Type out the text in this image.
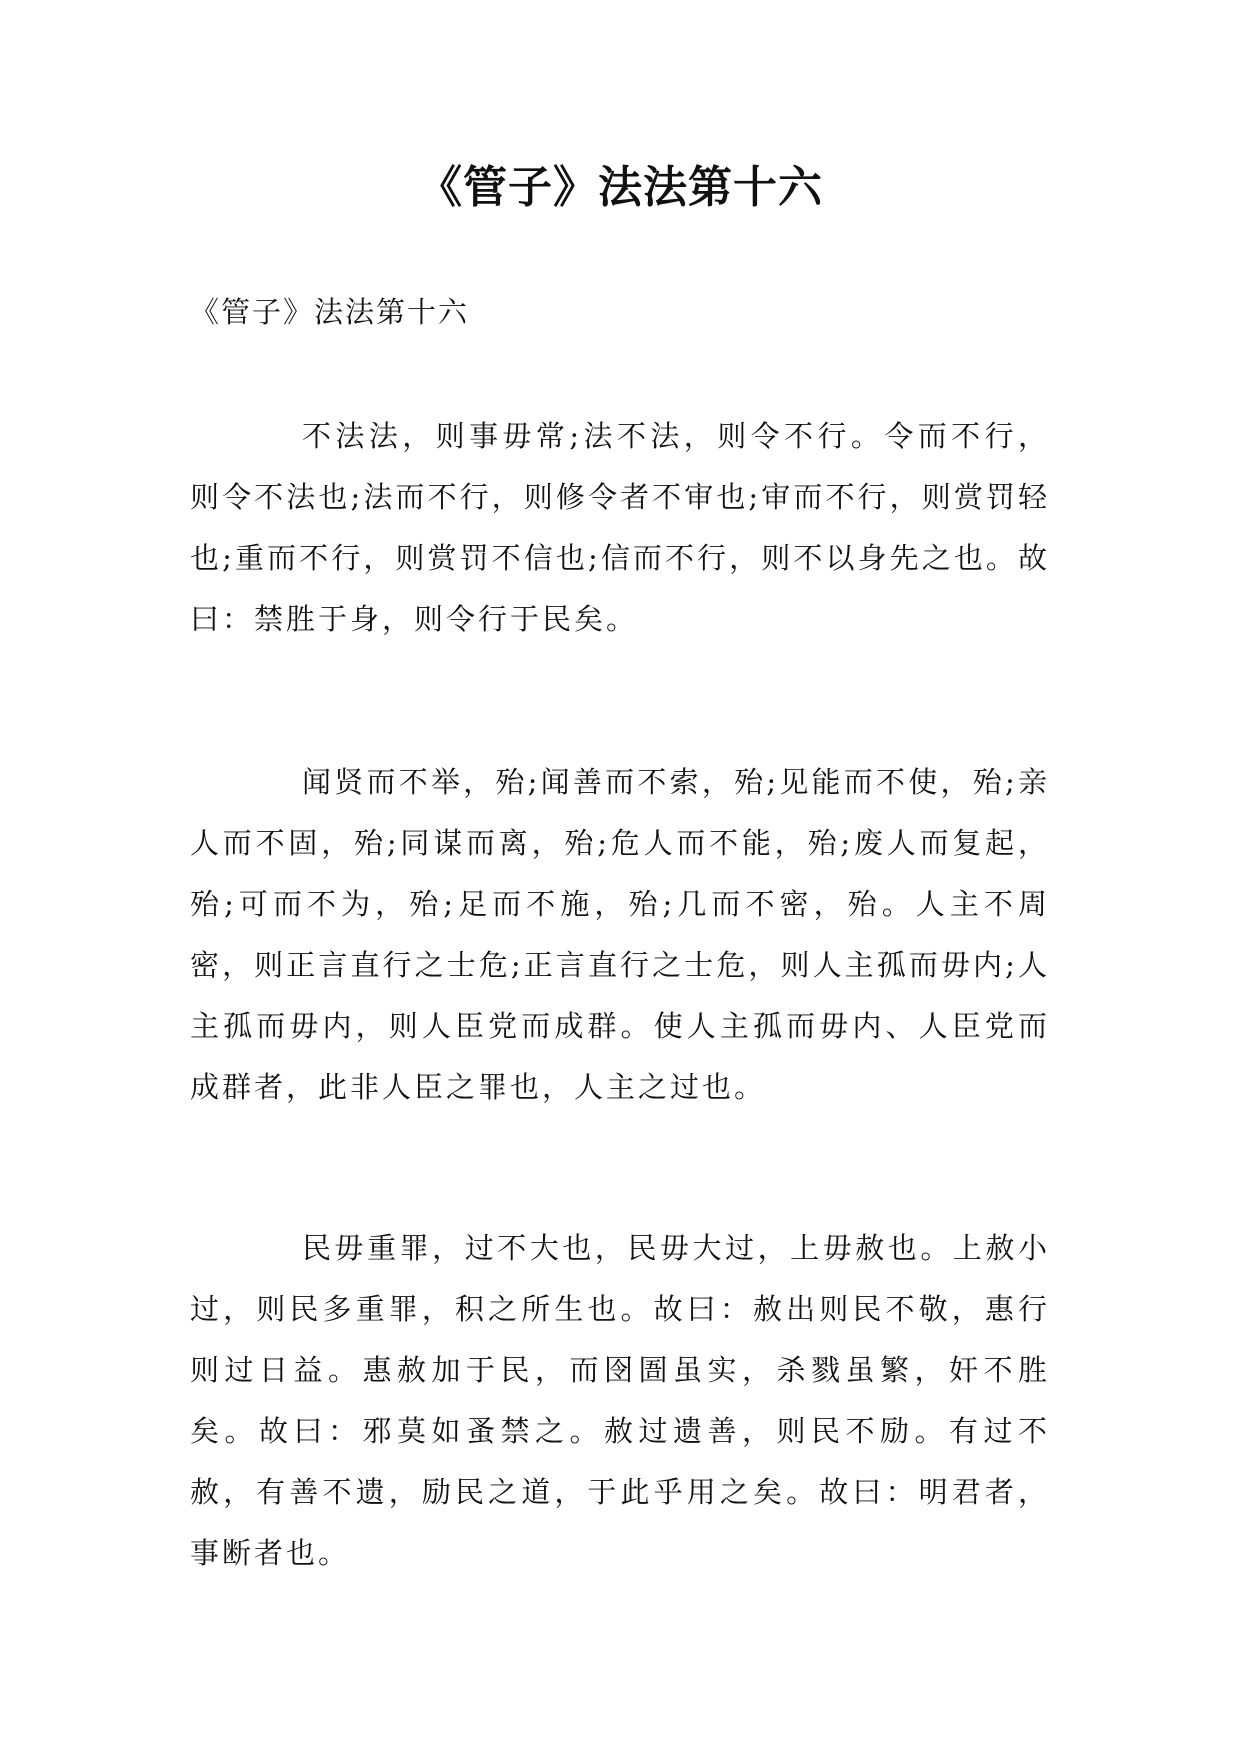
《管子》法法第十六

《管子》法法第十六

不法法，则事毋常;法不法，则令不行。令而不行，则令不法也;法而不行，则修令者不审也;审而不行，则赏罚轻也;重而不行，则赏罚不信也;信而不行，则不以身先之也。故曰：禁胜于身，则令行于民矣。

闻贤而不举，殆;闻善而不索，殆;见能而不使，殆;亲人而不固，殆;同谋而离，殆;危人而不能，殆;废人而复起，殆;可而不为，殆;足而不施，殆;几而不密，殆。人主不周密，则正言直行之士危;正言直行之士危，则人主孤而毋内;人主孤而毋内，则人臣党而成群。使人主孤而毋内、人臣党而成群者，此非人臣之罪也，人主之过也。

民毋重罪，过不大也，民毋大过，上毋赦也。上赦小过，则民多重罪，积之所生也。故曰：赦出则民不敬，惠行则过日益。惠赦加于民，而囹圄虽实，杀戮虽繁，奸不胜矣。故曰：邪莫如蚤禁之。赦过遗善，则民不励。有过不赦，有善不遗，励民之道，于此乎用之矣。故曰：明君者，事断者也。
